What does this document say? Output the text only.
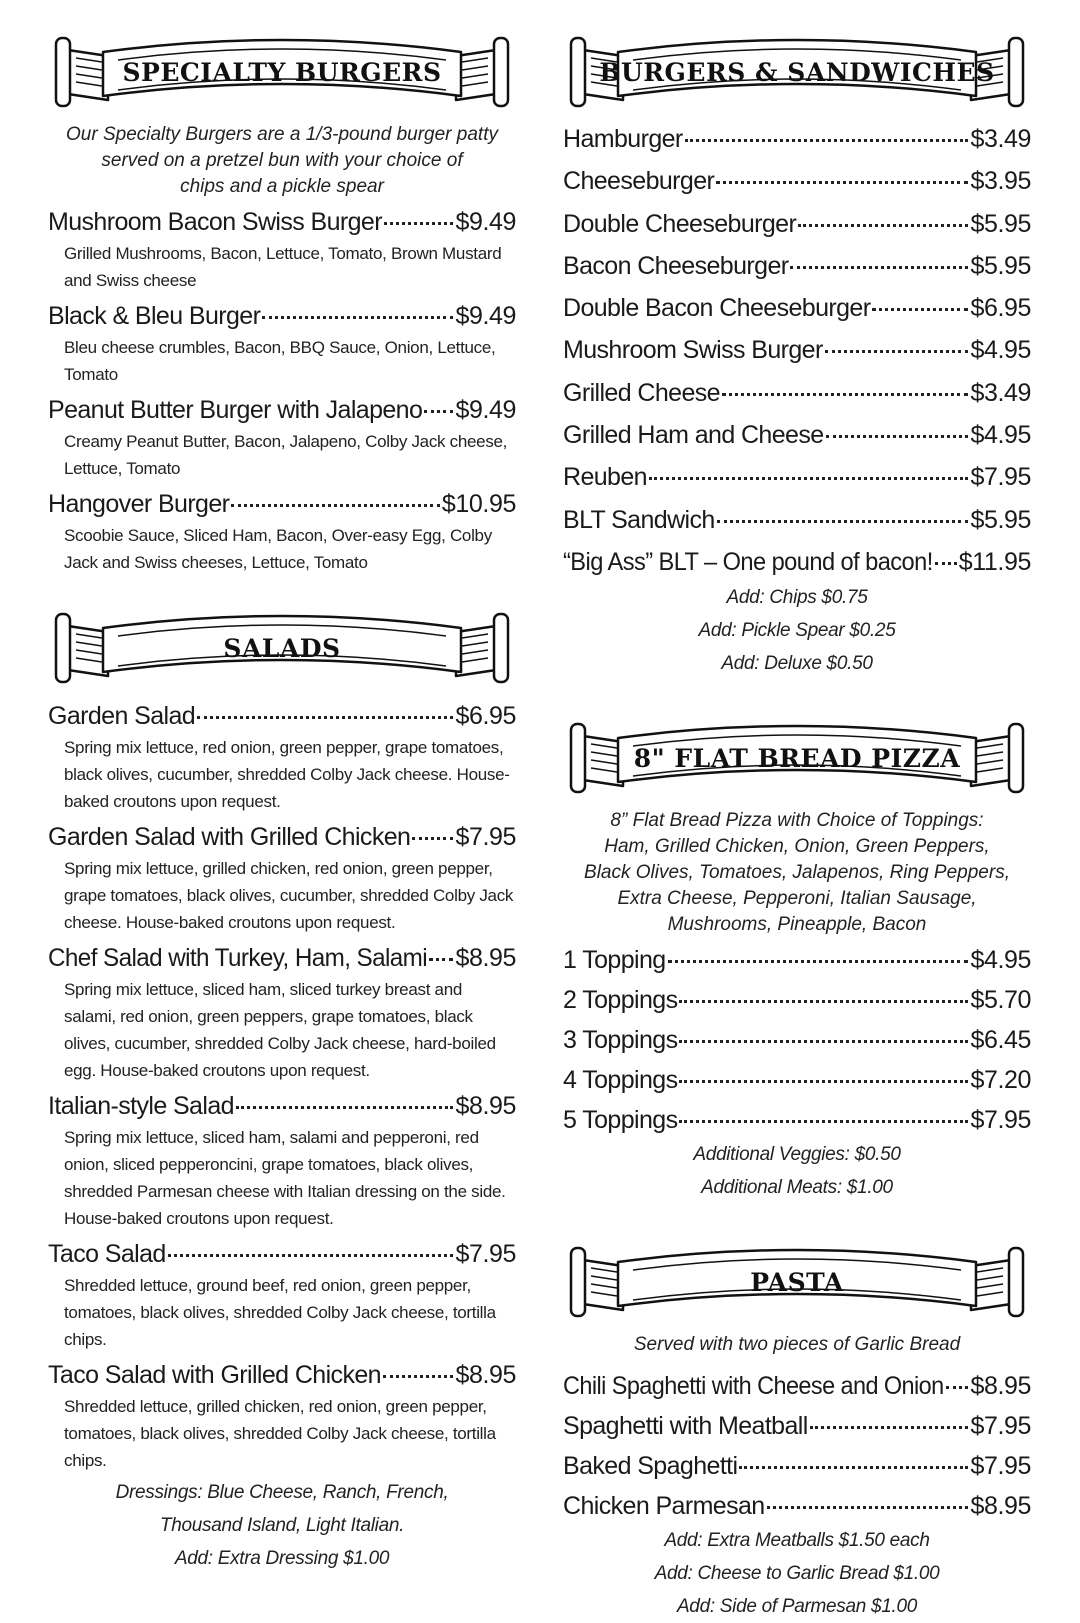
SPECIALTY BURGERS
Our Specialty Burgers are a 1/3-pound burger patty
served on a pretzel bun with your choice of
chips and a pickle spear
Mushroom Bacon Swiss Burger	$9.49
Grilled Mushrooms, Bacon, Lettuce, Tomato, Brown Mustard and Swiss cheese
Black & Bleu Burger	$9.49
Bleu cheese crumbles, Bacon, BBQ Sauce, Onion, Lettuce, Tomato
Peanut Butter Burger with Jalapeno $9.49
Creamy Peanut Butter, Bacon, Jalapeno, Colby Jack cheese, Lettuce, Tomato
Hangover Burger	$10.95
Scoobie Sauce, Sliced Ham, Bacon, Over-easy Egg, Colby Jack and Swiss cheeses, Lettuce, Tomato
SALADS
Garden Salad	$6.95
Spring mix lettuce, red onion, green pepper, grape tomatoes, black olives, cucumber, shredded Colby Jack cheese. House-baked croutons upon request.
Garden Salad with Grilled Chicken $7.95
Spring mix lettuce, grilled chicken, red onion, green pepper, grape tomatoes, black olives, cucumber, shredded Colby Jack cheese. House-baked croutons upon request.
Chef Salad with Turkey, Ham, Salami $8.95
Spring mix lettuce, sliced ham, sliced turkey breast and salami, red onion, green peppers, grape tomatoes, black olives, cucumber, shredded Colby Jack cheese, hard-boiled egg. House-baked croutons upon request.
Italian-style Salad	$8.95
Spring mix lettuce, sliced ham, salami and pepperoni, red onion, sliced pepperoncini, grape tomatoes, black olives, shredded Parmesan cheese with Italian dressing on the side. House-baked croutons upon request.
Taco Salad	$7.95
Shredded lettuce, ground beef, red onion, green pepper, tomatoes, black olives, shredded Colby Jack cheese, tortilla chips.
Taco Salad with Grilled Chicken	$8.95
Shredded lettuce, grilled chicken, red onion, green pepper, tomatoes, black olives, shredded Colby Jack cheese, tortilla chips.
Dressings: Blue Cheese, Ranch, French,
Thousand Island, Light Italian.
Add: Extra Dressing $1.00
BURGERS & SANDWICHES
Hamburger	$3.49
Cheeseburger	$3.95
Double Cheeseburger	$5.95
Bacon Cheeseburger	$5.95
Double Bacon Cheeseburger	$6.95
Mushroom Swiss Burger	$4.95
Grilled Cheese	$3.49
Grilled Ham and Cheese	$4.95
Reuben	$7.95
BLT Sandwich	$5.95
“Big Ass” BLT – One pound of bacon! $11.95
Add: Chips $0.75
Add: Pickle Spear $0.25
Add: Deluxe $0.50
8" FLAT BREAD PIZZA
8” Flat Bread Pizza with Choice of Toppings:
Ham, Grilled Chicken, Onion, Green Peppers,
Black Olives, Tomatoes, Jalapenos, Ring Peppers,
Extra Cheese, Pepperoni, Italian Sausage,
Mushrooms, Pineapple, Bacon
1 Topping	$4.95
2 Toppings	$5.70
3 Toppings	$6.45
4 Toppings	$7.20
5 Toppings	$7.95
Additional Veggies: $0.50
Additional Meats: $1.00
PASTA
Served with two pieces of Garlic Bread
Chili Spaghetti with Cheese and Onion $8.95
Spaghetti with Meatball	$7.95
Baked Spaghetti	$7.95
Chicken Parmesan	$8.95
Add: Extra Meatballs $1.50 each
Add: Cheese to Garlic Bread $1.00
Add: Side of Parmesan $1.00
